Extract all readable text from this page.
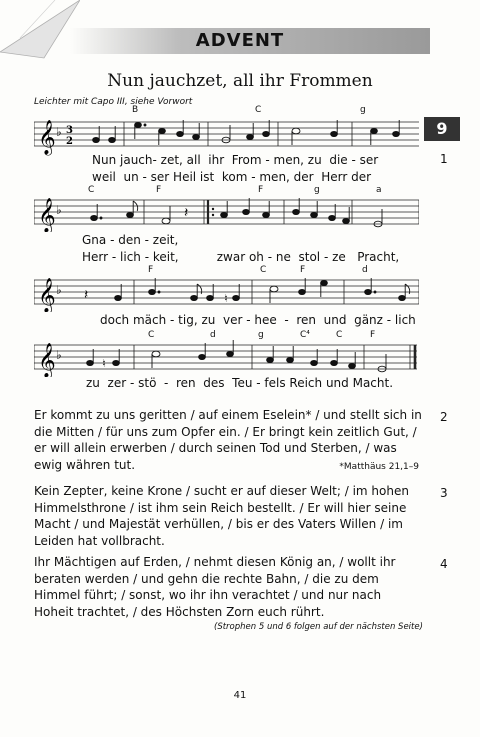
ADVENT
Nun jauchzet, all ihr Frommen
Leichter mit Capo III, siehe Vorwort
9
1
B	C	g
𝄞 ♭ 3
2
Nun jauch- zet, all  ihr  From - men, zu  die - ser
weil  un - ser Heil ist  kom - men, der  Herr der
C	F	F	g	a
𝄞 ♭	𝄽
Gna - den - zeit,
Herr - lich - keit,          zwar oh - ne  stol - ze   Pracht,
F	C	F	d
𝄞 ♭ 𝄽	♮
doch mäch - tig, zu  ver - hee  -  ren  und  gänz - lich
C	d	g	C⁴	C	F
𝄞 ♭
♮
zu  zer - stö  -  ren  des  Teu - fels Reich und Macht.
2
Er kommt zu uns geritten / auf einem Eselein* / und stellt sich in
die Mitten / für uns zum Opfer ein. / Er bringt kein zeitlich Gut, /
er will allein erwerben / durch seinen Tod und Sterben, / was
ewig währen tut.	*Matthäus 21,1–9
3
Kein Zepter, keine Krone / sucht er auf dieser Welt; / im hohen
Himmelsthrone / ist ihm sein Reich bestellt. / Er will hier seine
Macht / und Majestät verhüllen, / bis er des Vaters Willen / im
Leiden hat vollbracht.
4
Ihr Mächtigen auf Erden, / nehmt diesen König an, / wollt ihr
beraten werden / und gehn die rechte Bahn, / die zu dem
Himmel führt; / sonst, wo ihr ihn verachtet / und nur nach
Hoheit trachtet, / des Höchsten Zorn euch rührt.
(Strophen 5 und 6 folgen auf der nächsten Seite)
41
